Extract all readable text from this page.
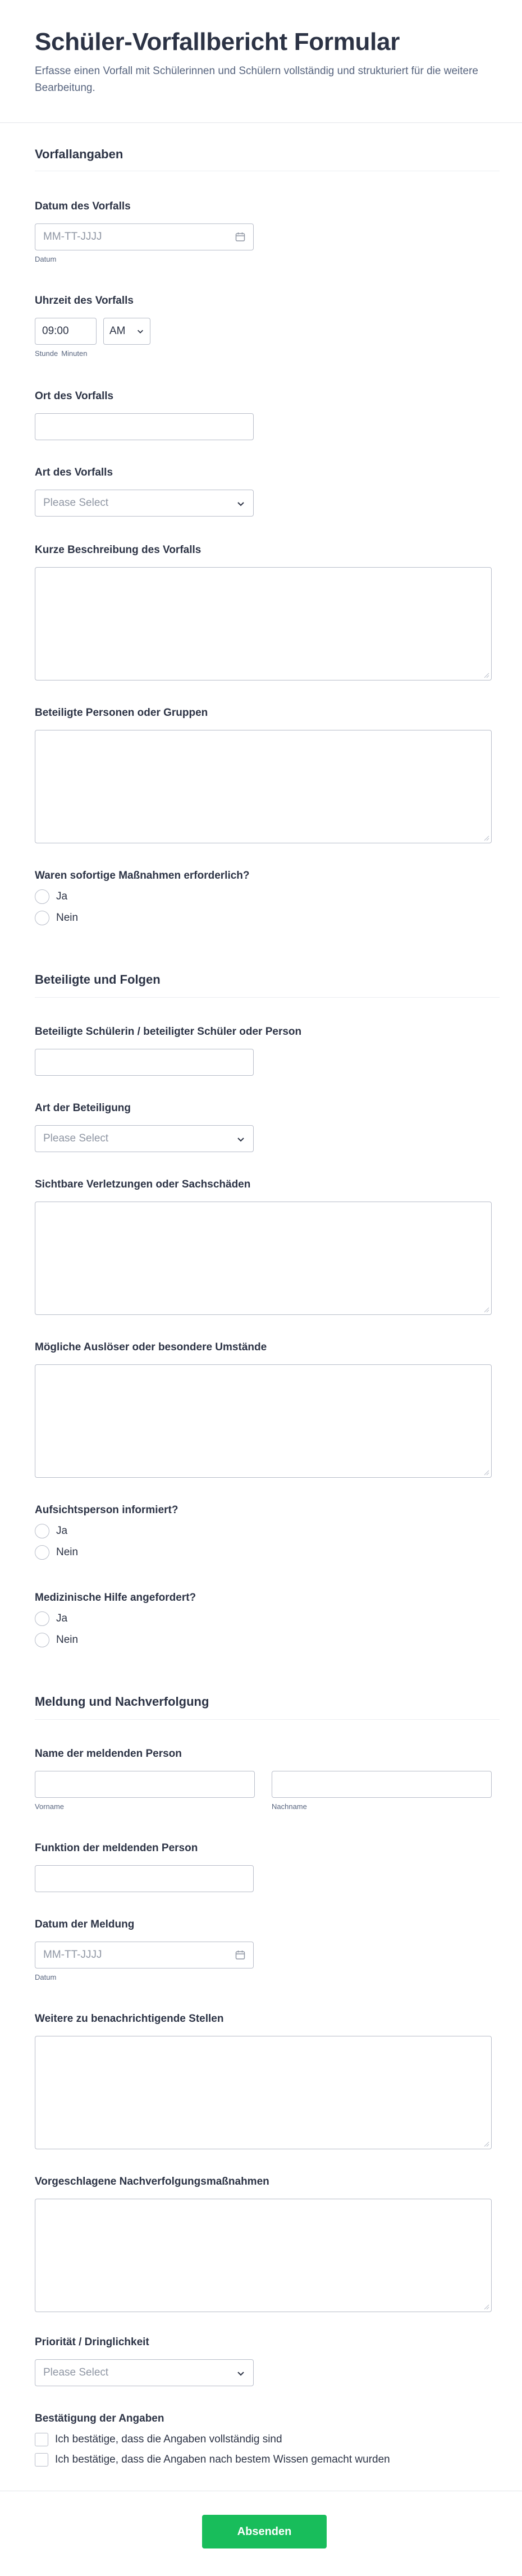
Schüler-Vorfallbericht Formular

Erfasse einen Vorfall mit Schülerinnen und Schülern vollständig und strukturiert für die weitere Bearbeitung.

Vorfallangaben
Datum des Vorfalls
MM-TT-JJJJ
Datum
Uhrzeit des Vorfalls
09:00	AM
Stunde Minuten
Ort des Vorfalls
Art des Vorfalls
Please Select
Kurze Beschreibung des Vorfalls
Beteiligte Personen oder Gruppen
Waren sofortige Maßnahmen erforderlich?
Ja
Nein
Beteiligte und Folgen
Beteiligte Schülerin / beteiligter Schüler oder Person
Art der Beteiligung
Please Select
Sichtbare Verletzungen oder Sachschäden
Mögliche Auslöser oder besondere Umstände
Aufsichtsperson informiert?
Ja
Nein
Medizinische Hilfe angefordert?
Ja
Nein
Meldung und Nachverfolgung
Name der meldenden Person
Vorname	Nachname
Funktion der meldenden Person
Datum der Meldung
MM-TT-JJJJ
Datum
Weitere zu benachrichtigende Stellen
Vorgeschlagene Nachverfolgungsmaßnahmen
Priorität / Dringlichkeit
Please Select
Bestätigung der Angaben
Ich bestätige, dass die Angaben vollständig sind
Ich bestätige, dass die Angaben nach bestem Wissen gemacht wurden
Absenden
